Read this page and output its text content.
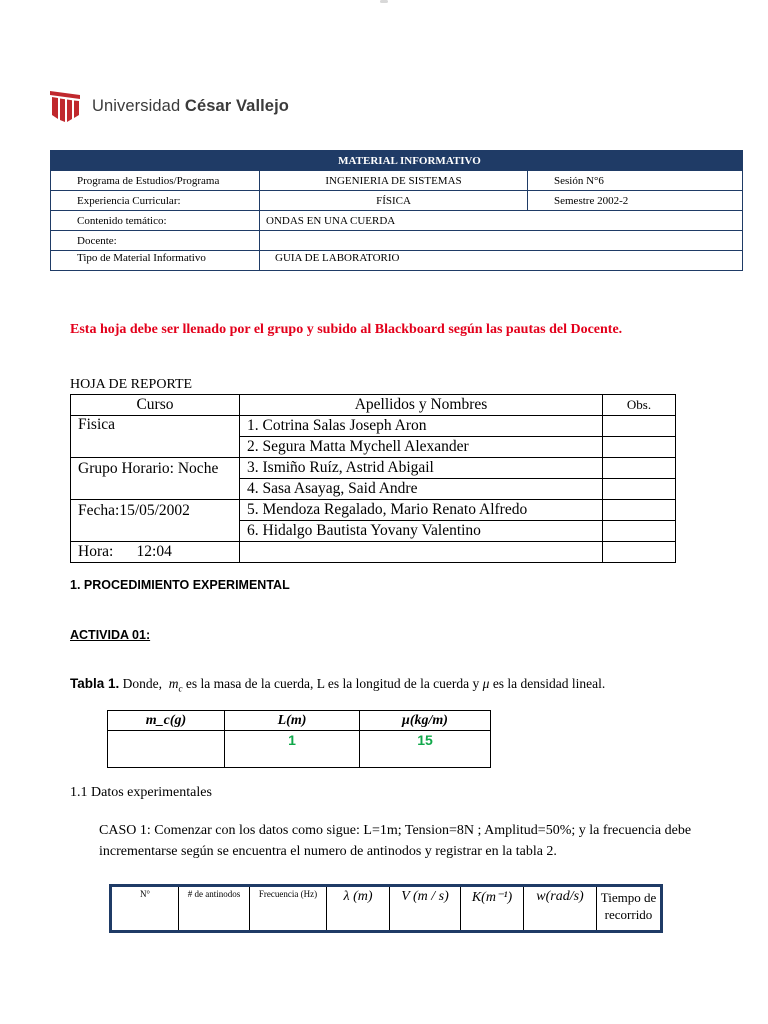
Universidad César Vallejo
MATERIAL INFORMATIVO		
Programa de Estudios/Programa	INGENIERIA DE SISTEMAS	Sesión N°6
Experiencia Curricular:	FÍSICA	Semestre 2002-2
Contenido temático:	ONDAS EN UNA CUERDA	
Docente:		
Tipo de Material Informativo	GUIA DE LABORATORIO	
Esta hoja debe ser llenado por el grupo y subido al Blackboard según las pautas del Docente.
HOJA DE REPORTE
Curso	Apellidos y Nombres	Obs.
Fisica	1. Cotrina Salas Joseph Aron	
	2. Segura Matta Mychell Alexander	
Grupo Horario: Noche	3. Ismiño Ruíz, Astrid Abigail	
	4. Sasa Asayag, Said Andre	
Fecha:15/05/2002	5. Mendoza Regalado, Mario Renato Alfredo	
	6. Hidalgo Bautista Yovany Valentino	
Hora:      12:04		
1. PROCEDIMIENTO EXPERIMENTAL
ACTIVIDA 01:
Tabla 1. Donde,  $m_c$ es la masa de la cuerda, L es la longitud de la cuerda y μ es la densidad lineal.
m_c(g)	L(m)	μ(kg/m)
	1	15
1.1 Datos experimentales
CASO 1: Comenzar con los datos como sigue: L=1m; Tension=8N ; Amplitud=50%; y la frecuencia debe incrementarse según se encuentra el numero de antinodos y registrar en la tabla 2.
N°	# de antinodos	Frecuencia (Hz)	λ (m)	V (m / s)	K(m⁻¹)	w(rad/s)	Tiempo de recorrido
